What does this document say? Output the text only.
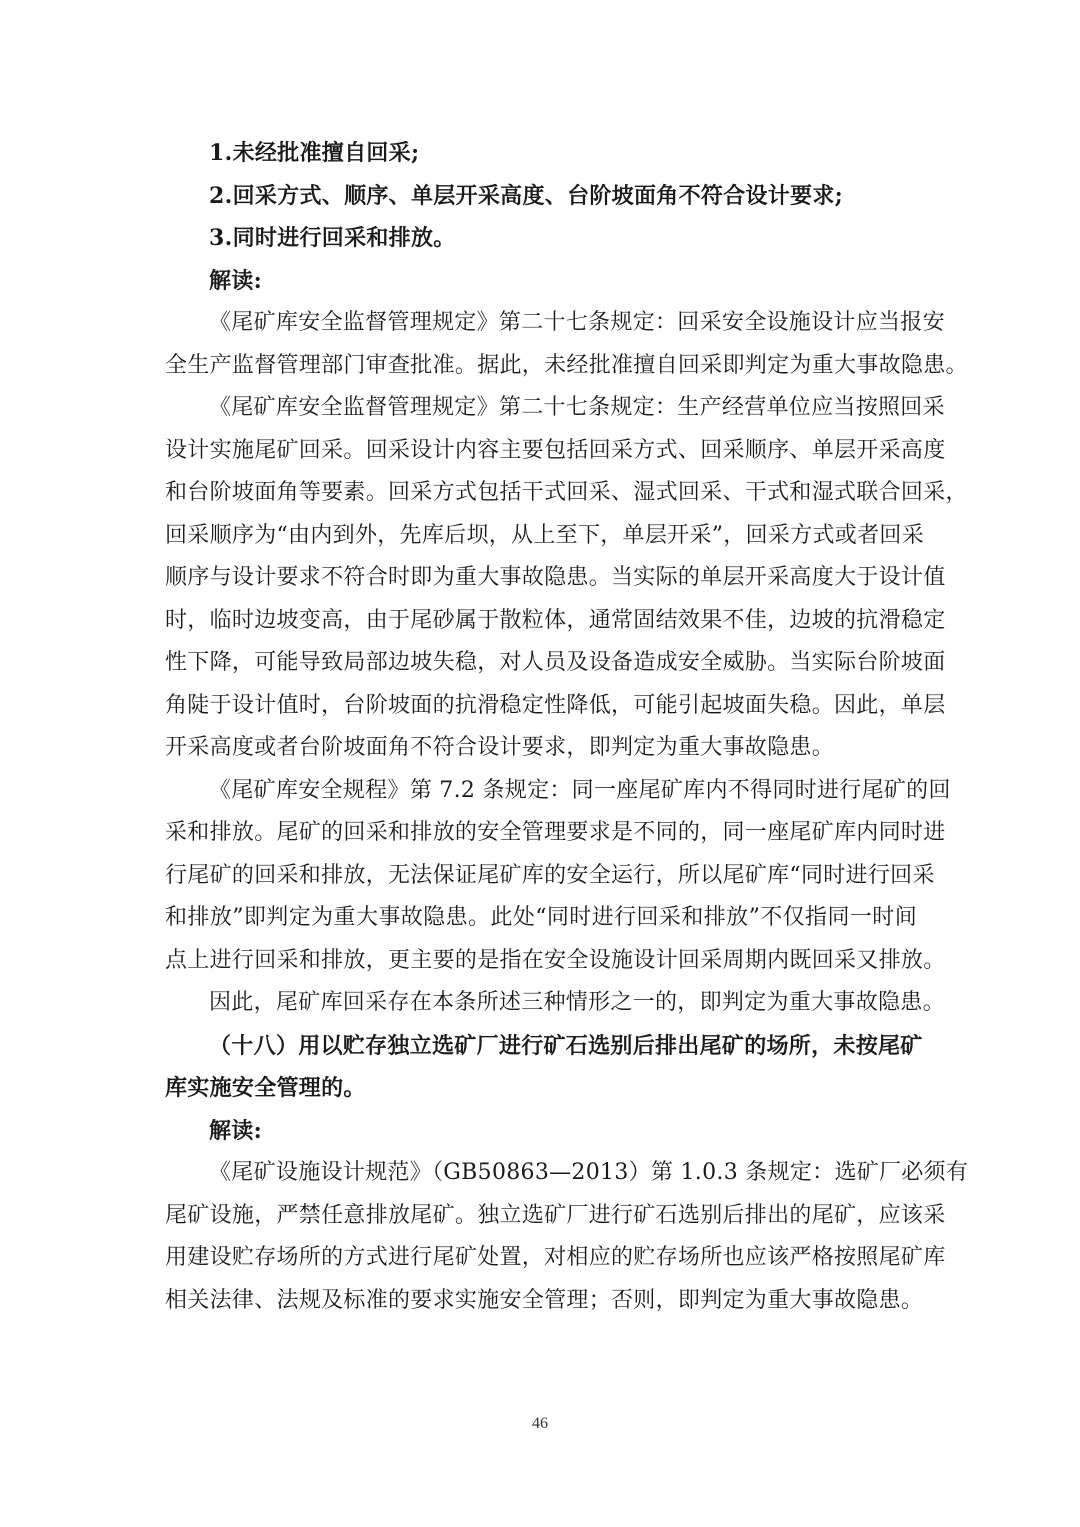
1.未经批准擅自回采;
2.回采方式、顺序、单层开采高度、台阶坡面角不符合设计要求;
3.同时进行回采和排放。
解读:
《尾矿库安全监督管理规定》第二十七条规定：回采安全设施设计应当报安
全生产监督管理部门审查批准。据此，未经批准擅自回采即判定为重大事故隐患。
《尾矿库安全监督管理规定》第二十七条规定：生产经营单位应当按照回采
设计实施尾矿回采。回采设计内容主要包括回采方式、回采顺序、单层开采高度
和台阶坡面角等要素。回采方式包括干式回采、湿式回采、干式和湿式联合回采，
回采顺序为“由内到外，先库后坝，从上至下，单层开采”，回采方式或者回采
顺序与设计要求不符合时即为重大事故隐患。当实际的单层开采高度大于设计值
时，临时边坡变高，由于尾砂属于散粒体，通常固结效果不佳，边坡的抗滑稳定
性下降，可能导致局部边坡失稳，对人员及设备造成安全威胁。当实际台阶坡面
角陡于设计值时，台阶坡面的抗滑稳定性降低，可能引起坡面失稳。因此，单层
开采高度或者台阶坡面角不符合设计要求，即判定为重大事故隐患。
《尾矿库安全规程》第 7.2 条规定：同一座尾矿库内不得同时进行尾矿的回
采和排放。尾矿的回采和排放的安全管理要求是不同的，同一座尾矿库内同时进
行尾矿的回采和排放，无法保证尾矿库的安全运行，所以尾矿库“同时进行回采
和排放”即判定为重大事故隐患。此处“同时进行回采和排放”不仅指同一时间
点上进行回采和排放，更主要的是指在安全设施设计回采周期内既回采又排放。
因此，尾矿库回采存在本条所述三种情形之一的，即判定为重大事故隐患。
（十八）用以贮存独立选矿厂进行矿石选别后排出尾矿的场所，未按尾矿
库实施安全管理的。
解读:
《尾矿设施设计规范》（GB50863—2013）第 1.0.3 条规定：选矿厂必须有
尾矿设施，严禁任意排放尾矿。独立选矿厂进行矿石选别后排出的尾矿，应该采
用建设贮存场所的方式进行尾矿处置，对相应的贮存场所也应该严格按照尾矿库
相关法律、法规及标准的要求实施安全管理；否则，即判定为重大事故隐患。
46
